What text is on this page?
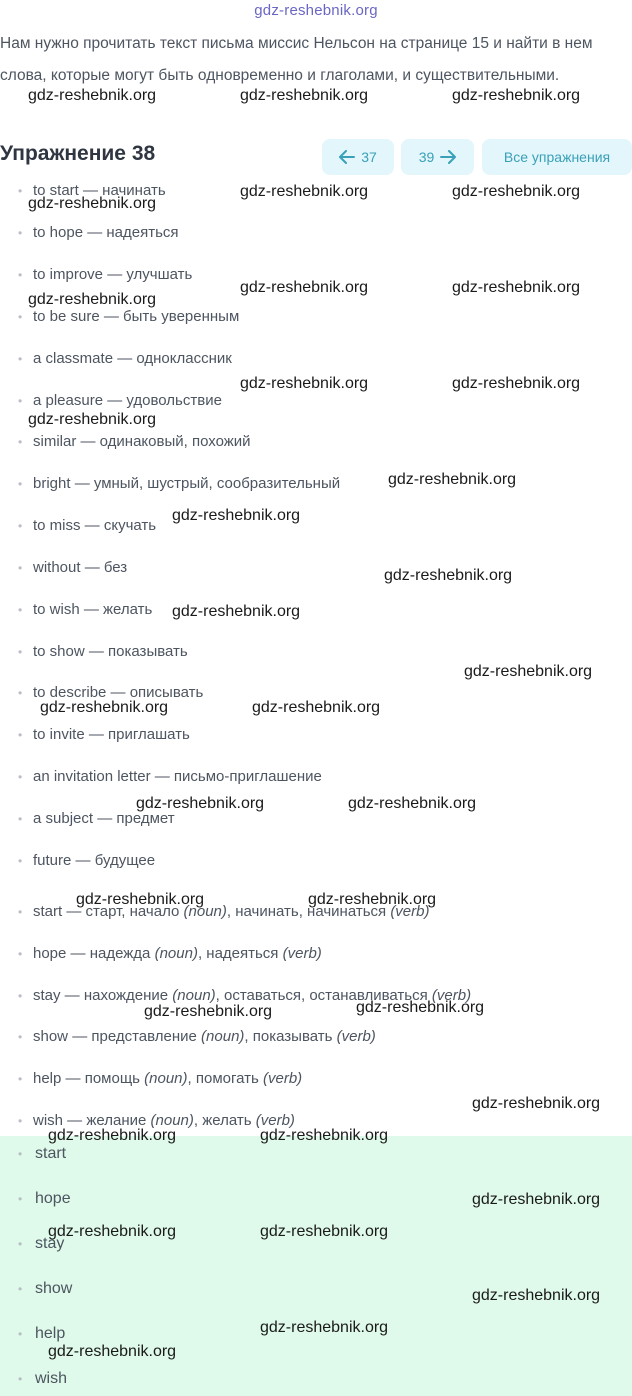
gdz-reshebnik.org
Нам нужно прочитать текст письма миссис Нельсон на странице 15 и найти в нем слова, которые могут быть одновременно и глаголами, и существительными.
Упражнение 38	37	39	Все упражнения
• to start — начинать
• to hope — надеяться
• to improve — улучшать
• to be sure — быть уверенным
• a classmate — одноклассник
• a pleasure — удовольствие
• similar — одинаковый, похожий
• bright — умный, шустрый, сообразительный
• to miss — скучать
• without — без
• to wish — желать
• to show — показывать
• to describe — описывать
• to invite — приглашать
• an invitation letter — письмо-приглашение
• a subject — предмет
• future — будущее
• start — старт, начало (noun), начинать, начинаться (verb)
• hope — надежда (noun), надеяться (verb)
• stay — нахождение (noun), оставаться, останавливаться (verb)
• show — представление (noun), показывать (verb)
• help — помощь (noun), помогать (verb)
• wish — желание (noun), желать (verb)
• start
• hope
• stay
• show
• help
• wish
gdz-reshebnik.org	gdz-reshebnik.org	gdz-reshebnik.org
gdz-reshebnik.org
gdz-reshebnik.org	gdz-reshebnik.org
gdz-reshebnik.org	gdz-reshebnik.org
gdz-reshebnik.org
gdz-reshebnik.org	gdz-reshebnik.org
gdz-reshebnik.org
gdz-reshebnik.org
gdz-reshebnik.org
gdz-reshebnik.org
gdz-reshebnik.org
gdz-reshebnik.org
gdz-reshebnik.org	gdz-reshebnik.org
gdz-reshebnik.org	gdz-reshebnik.org
gdz-reshebnik.org	gdz-reshebnik.org
gdz-reshebnik.org	gdz-reshebnik.org
gdz-reshebnik.org
gdz-reshebnik.org	gdz-reshebnik.org
gdz-reshebnik.org
gdz-reshebnik.org	gdz-reshebnik.org
gdz-reshebnik.org
gdz-reshebnik.org
gdz-reshebnik.org
